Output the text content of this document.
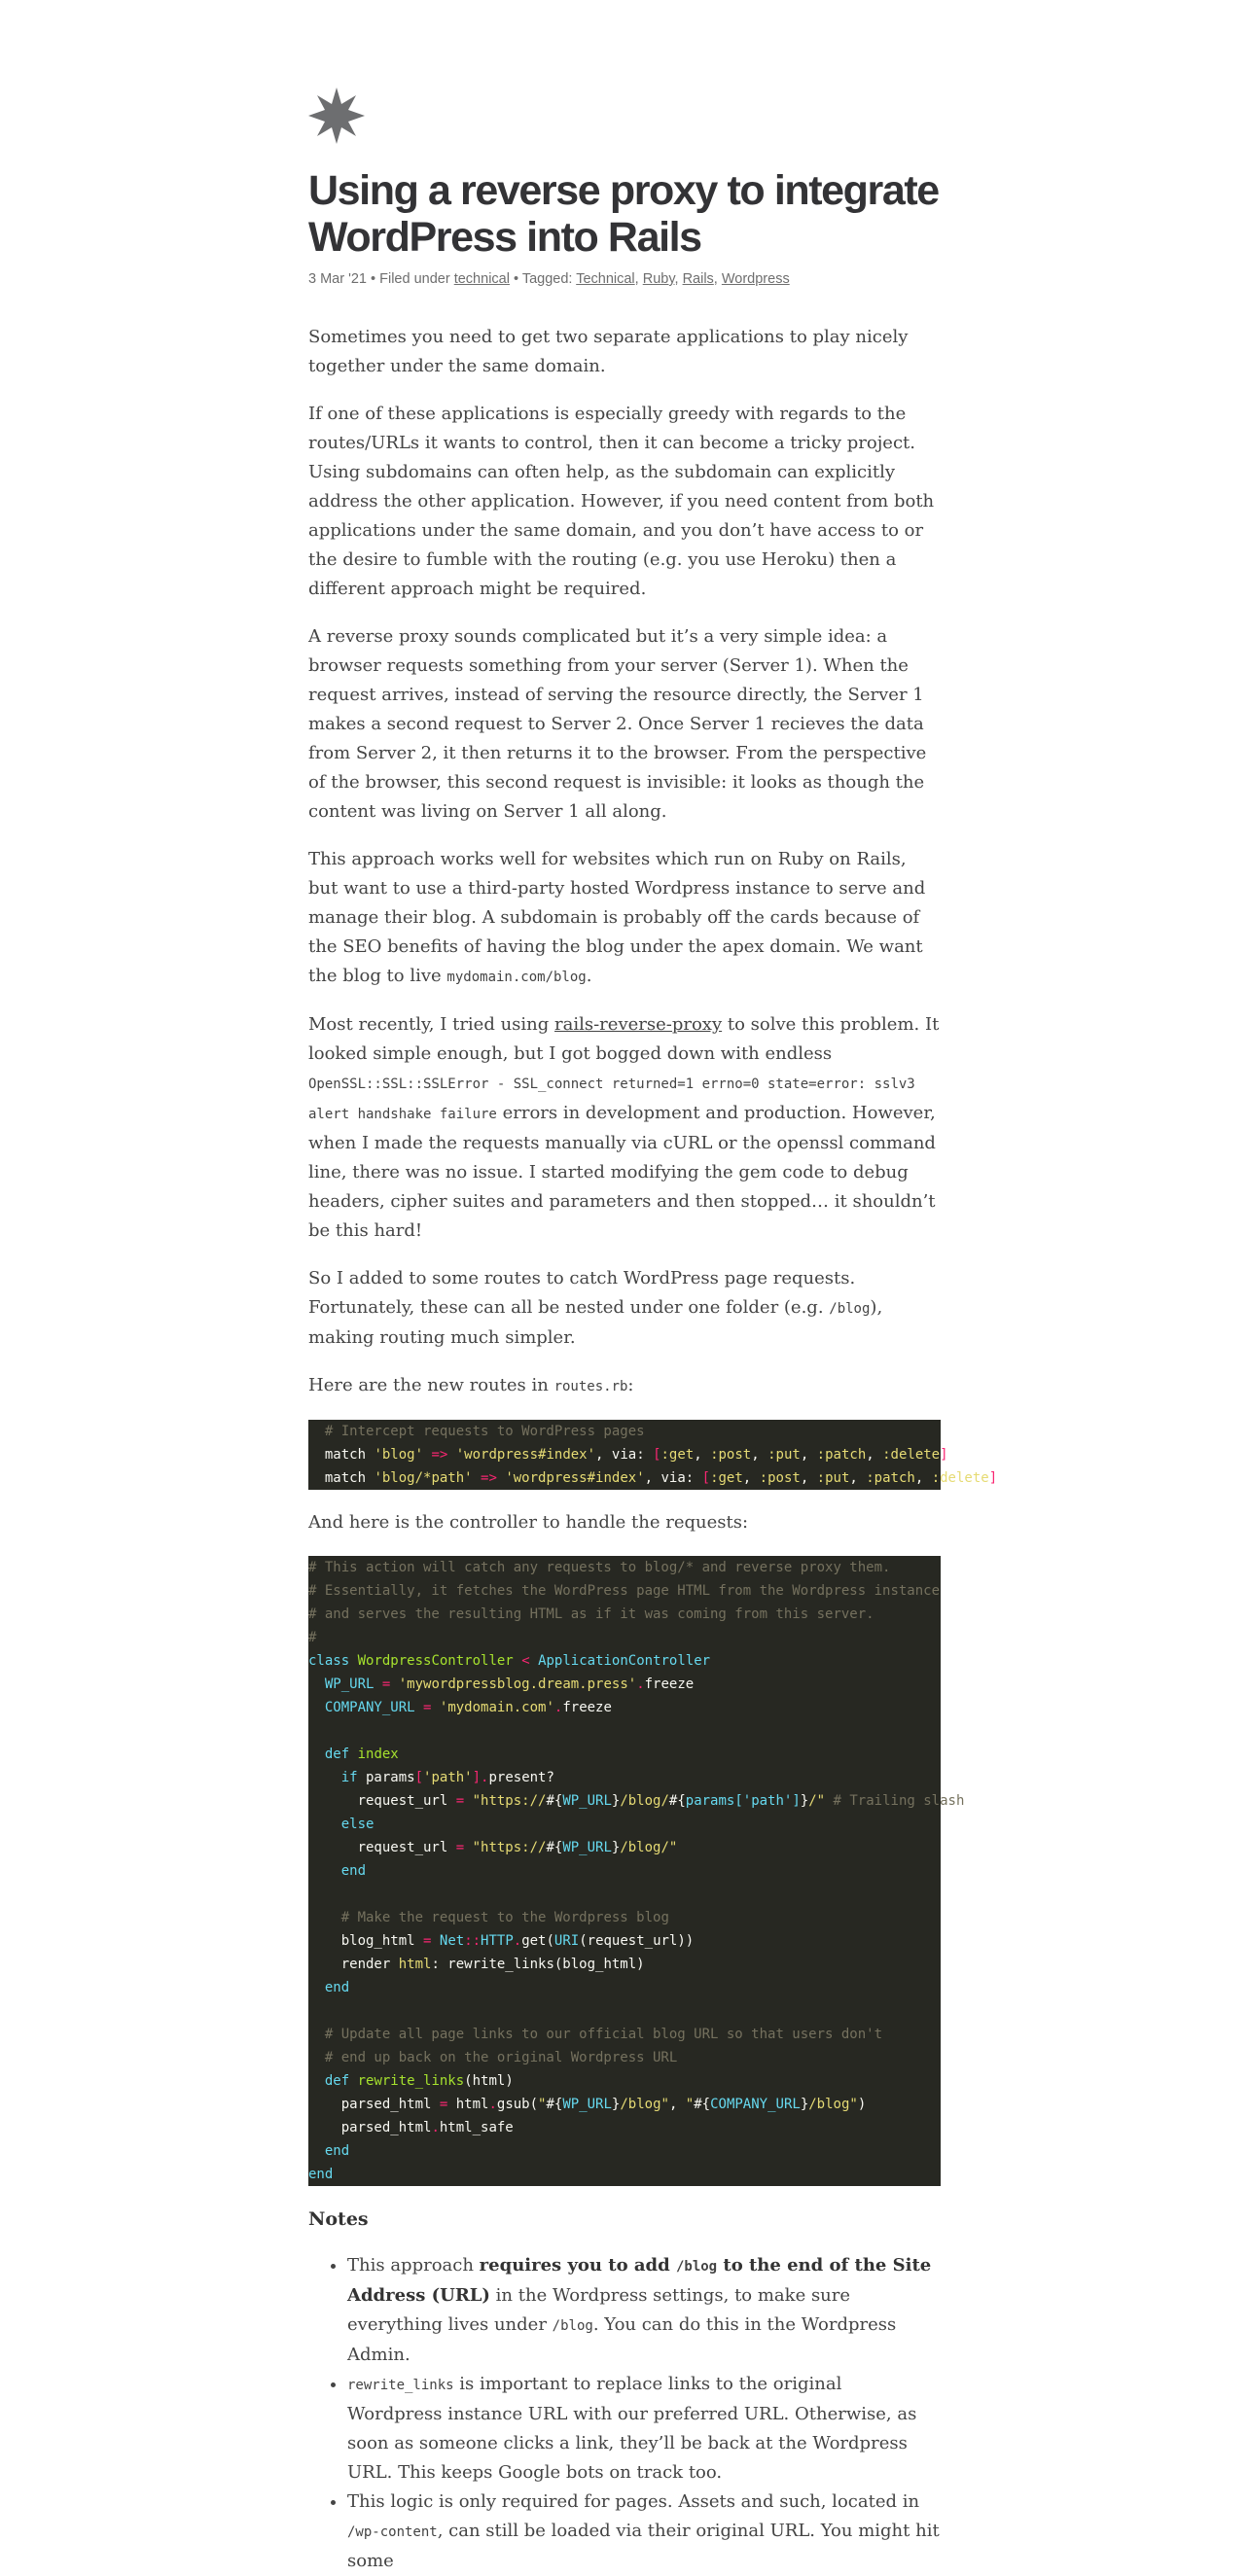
Using a reverse proxy to integrate WordPress into Rails
3 Mar '21 • Filed under technical • Tagged: Technical, Ruby, Rails, Wordpress

Sometimes you need to get two separate applications to play nicely together under the same domain.

If one of these applications is especially greedy with regards to the routes/URLs it wants to control, then it can become a tricky project. Using subdomains can often help, as the subdomain can explicitly address the other application. However, if you need content from both applications under the same domain, and you don’t have access to or the desire to fumble with the routing (e.g. you use Heroku) then a different approach might be required.

A reverse proxy sounds complicated but it’s a very simple idea: a browser requests something from your server (Server 1). When the request arrives, instead of serving the resource directly, the Server 1 makes a second request to Server 2. Once Server 1 recieves the data from Server 2, it then returns it to the browser. From the perspective of the browser, this second request is invisible: it looks as though the content was living on Server 1 all along.

This approach works well for websites which run on Ruby on Rails, but want to use a third-party hosted Wordpress instance to serve and manage their blog. A subdomain is probably off the cards because of the SEO benefits of having the blog under the apex domain. We want the blog to live mydomain.com/blog.

Most recently, I tried using rails-reverse-proxy to solve this problem. It looked simple enough, but I got bogged down with endless OpenSSL::SSL::SSLError - SSL_connect returned=1 errno=0 state=error: sslv3 alert handshake failure errors in development and production. However, when I made the requests manually via cURL or the openssl command line, there was no issue. I started modifying the gem code to debug headers, cipher suites and parameters and then stopped… it shouldn’t be this hard!

So I added to some routes to catch WordPress page requests. Fortunately, these can all be nested under one folder (e.g. /blog), making routing much simpler.

Here are the new routes in routes.rb:

# Intercept requests to WordPress pages
match 'blog' => 'wordpress#index', via: [:get, :post, :put, :patch, :delete]
match 'blog/*path' => 'wordpress#index', via: [:get, :post, :put, :patch, :delete]

And here is the controller to handle the requests:

# This action will catch any requests to blog/* and reverse proxy them.
# Essentially, it fetches the WordPress page HTML from the Wordpress instance
# and serves the resulting HTML as if it was coming from this server.
#
class WordpressController < ApplicationController
WP_URL = 'mywordpressblog.dream.press'.freeze
COMPANY_URL = 'mydomain.com'.freeze

def index
if params['path'].present?
request_url = "https://#{WP_URL}/blog/#{params['path']}/" # Trailing slash
else
request_url = "https://#{WP_URL}/blog/"
end

# Make the request to the Wordpress blog
blog_html = Net::HTTP.get(URI(request_url))
render html: rewrite_links(blog_html)
end

# Update all page links to our official blog URL so that users don't
# end up back on the original Wordpress URL
def rewrite_links(html)
parsed_html = html.gsub("#{WP_URL}/blog", "#{COMPANY_URL}/blog")
parsed_html.html_safe
end
end
Notes
• This approach requires you to add /blog to the end of the Site Address (URL) in the Wordpress settings, to make sure everything lives under /blog. You can do this in the Wordpress Admin.
• rewrite_links is important to replace links to the original Wordpress instance URL with our preferred URL. Otherwise, as soon as someone clicks a link, they’ll be back at the Wordpress URL. This keeps Google bots on track too.
• This logic is only required for pages. Assets and such, located in /wp-content, can still be loaded via their original URL. You might hit some
